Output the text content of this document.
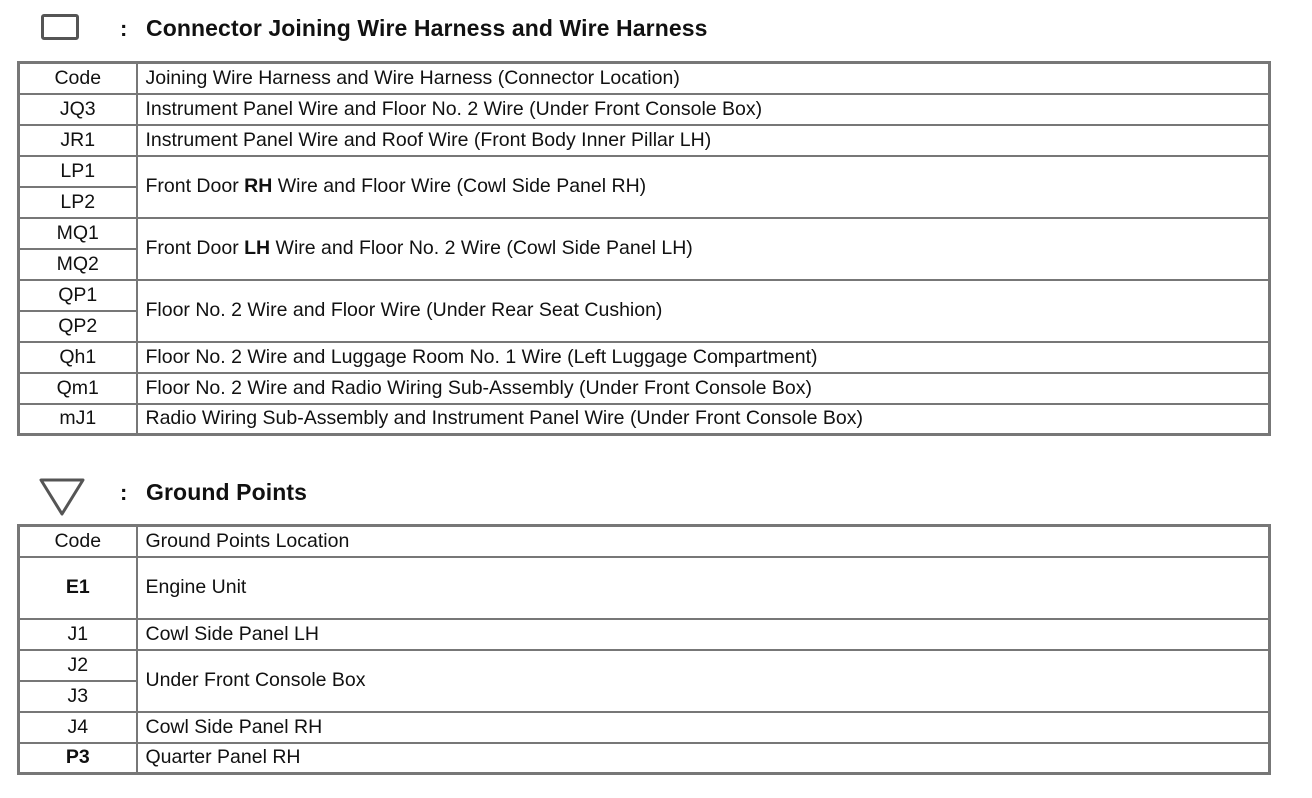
: Connector Joining Wire Harness and Wire Harness
Code	Joining Wire Harness and Wire Harness (Connector Location)
JQ3	Instrument Panel Wire and Floor No. 2 Wire (Under Front Console Box)
JR1	Instrument Panel Wire and Roof Wire (Front Body Inner Pillar LH)
LP1	Front Door RH Wire and Floor Wire (Cowl Side Panel RH)
LP2	
MQ1	Front Door LH Wire and Floor No. 2 Wire (Cowl Side Panel LH)
MQ2	
QP1	Floor No. 2 Wire and Floor Wire (Under Rear Seat Cushion)
QP2	
Qh1	Floor No. 2 Wire and Luggage Room No. 1 Wire (Left Luggage Compartment)
Qm1	Floor No. 2 Wire and Radio Wiring Sub-Assembly (Under Front Console Box)
mJ1	Radio Wiring Sub-Assembly and Instrument Panel Wire (Under Front Console Box)
: Ground Points
Code	Ground Points Location
E1	Engine Unit
J1	Cowl Side Panel LH
J2	Under Front Console Box
J3	
J4	Cowl Side Panel RH
P3	Quarter Panel RH
